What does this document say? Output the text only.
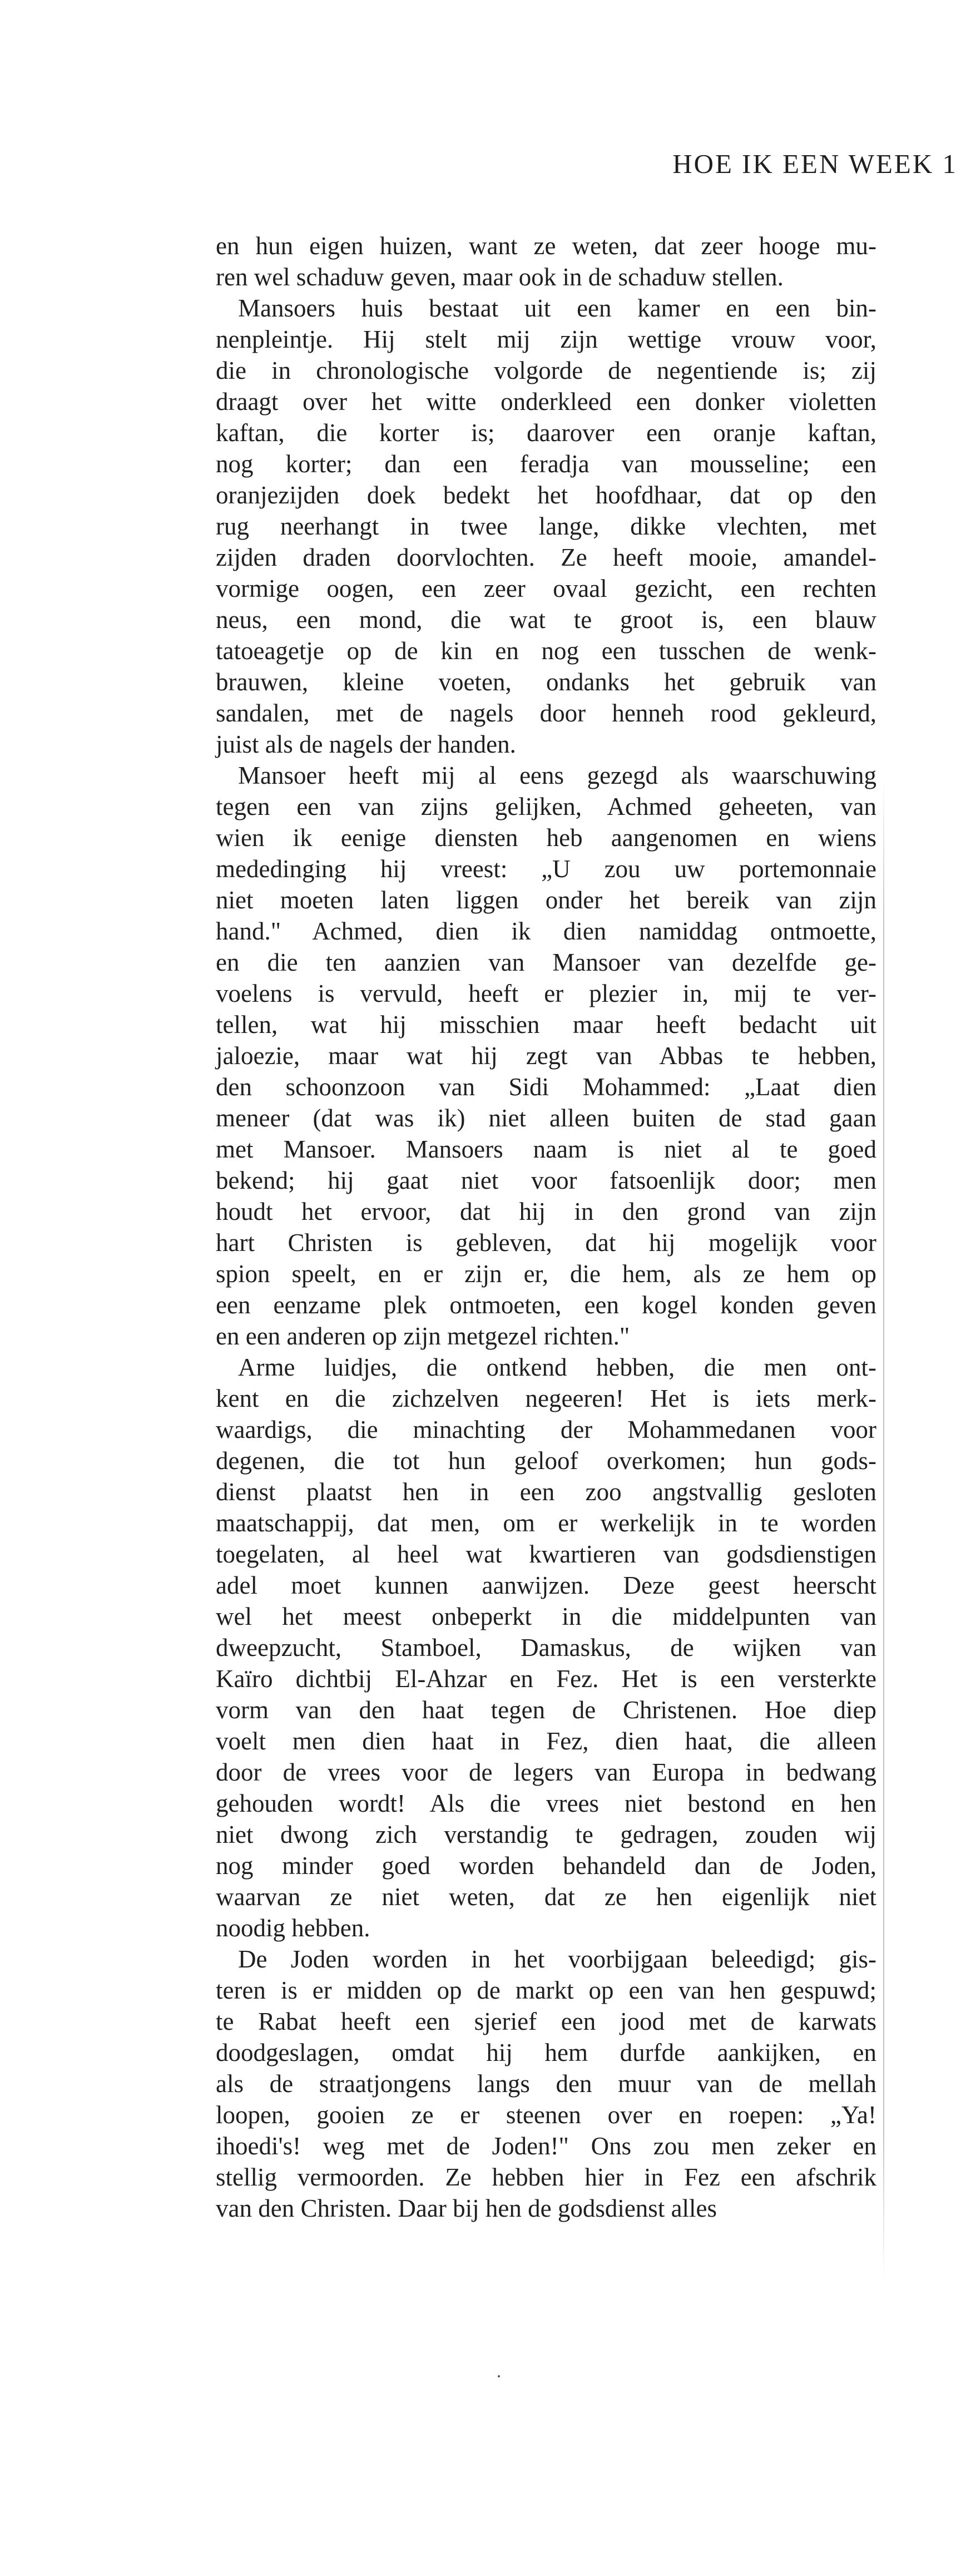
HOE IK EEN WEEK 1
en hun eigen huizen, want ze weten, dat zeer hooge mu-
ren wel schaduw geven, maar ook in de schaduw stellen.
Mansoers huis bestaat uit een kamer en een bin-
nenpleintje. Hij stelt mij zijn wettige vrouw voor,
die in chronologische volgorde de negentiende is; zij
draagt over het witte onderkleed een donker violetten
kaftan, die korter is; daarover een oranje kaftan,
nog korter; dan een feradja van mousseline; een
oranjezijden doek bedekt het hoofdhaar, dat op den
rug neerhangt in twee lange, dikke vlechten, met
zijden draden doorvlochten. Ze heeft mooie, amandel-
vormige oogen, een zeer ovaal gezicht, een rechten
neus, een mond, die wat te groot is, een blauw
tatoeagetje op de kin en nog een tusschen de wenk-
brauwen, kleine voeten, ondanks het gebruik van
sandalen, met de nagels door henneh rood gekleurd,
juist als de nagels der handen.
Mansoer heeft mij al eens gezegd als waarschuwing
tegen een van zijns gelijken, Achmed geheeten, van
wien ik eenige diensten heb aangenomen en wiens
mededinging hij vreest: „U zou uw portemonnaie
niet moeten laten liggen onder het bereik van zijn
hand." Achmed, dien ik dien namiddag ontmoette,
en die ten aanzien van Mansoer van dezelfde ge-
voelens is vervuld, heeft er plezier in, mij te ver-
tellen, wat hij misschien maar heeft bedacht uit
jaloezie, maar wat hij zegt van Abbas te hebben,
den schoonzoon van Sidi Mohammed: „Laat dien
meneer (dat was ik) niet alleen buiten de stad gaan
met Mansoer. Mansoers naam is niet al te goed
bekend; hij gaat niet voor fatsoenlijk door; men
houdt het ervoor, dat hij in den grond van zijn
hart Christen is gebleven, dat hij mogelijk voor
spion speelt, en er zijn er, die hem, als ze hem op
een eenzame plek ontmoeten, een kogel konden geven
en een anderen op zijn metgezel richten."
Arme luidjes, die ontkend hebben, die men ont-
kent en die zichzelven negeeren! Het is iets merk-
waardigs, die minachting der Mohammedanen voor
degenen, die tot hun geloof overkomen; hun gods-
dienst plaatst hen in een zoo angstvallig gesloten
maatschappij, dat men, om er werkelijk in te worden
toegelaten, al heel wat kwartieren van godsdienstigen
adel moet kunnen aanwijzen. Deze geest heerscht
wel het meest onbeperkt in die middelpunten van
dweepzucht, Stamboel, Damaskus, de wijken van
Kaïro dichtbij El-Ahzar en Fez. Het is een versterkte
vorm van den haat tegen de Christenen. Hoe diep
voelt men dien haat in Fez, dien haat, die alleen
door de vrees voor de legers van Europa in bedwang
gehouden wordt! Als die vrees niet bestond en hen
niet dwong zich verstandig te gedragen, zouden wij
nog minder goed worden behandeld dan de Joden,
waarvan ze niet weten, dat ze hen eigenlijk niet
noodig hebben.
De Joden worden in het voorbijgaan beleedigd; gis-
teren is er midden op de markt op een van hen gespuwd;
te Rabat heeft een sjerief een jood met de karwats
doodgeslagen, omdat hij hem durfde aankijken, en
als de straatjongens langs den muur van de mellah
loopen, gooien ze er steenen over en roepen: „Ya!
ihoedi's! weg met de Joden!" Ons zou men zeker en
stellig vermoorden. Ze hebben hier in Fez een afschrik
van den Christen. Daar bij hen de godsdienst alles
